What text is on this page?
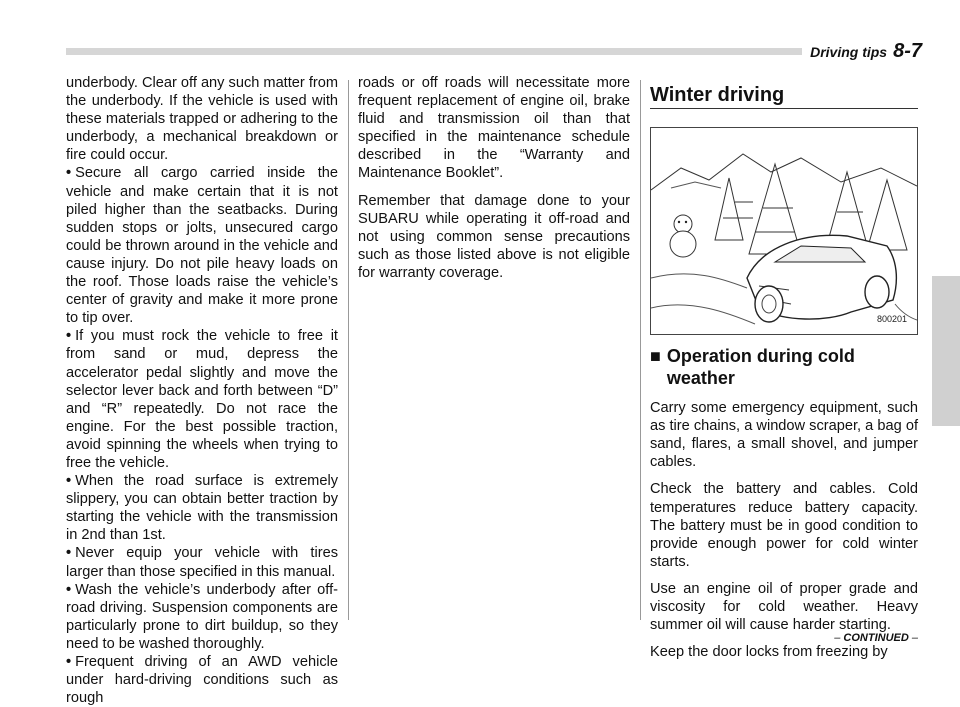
Driving tips 8-7

underbody. Clear off any such matter from the underbody. If the vehicle is used with these materials trapped or adhering to the underbody, a mechanical breakdown or fire could occur.

• Secure all cargo carried inside the vehicle and make certain that it is not piled higher than the seatbacks. During sudden stops or jolts, unsecured cargo could be thrown around in the vehicle and cause injury. Do not pile heavy loads on the roof. Those loads raise the vehicle’s center of gravity and make it more prone to tip over.

• If you must rock the vehicle to free it from sand or mud, depress the accelerator pedal slightly and move the selector lever back and forth between “D” and “R” repeatedly. Do not race the engine. For the best possible traction, avoid spinning the wheels when trying to free the vehicle.

• When the road surface is extremely slippery, you can obtain better traction by starting the vehicle with the transmission in 2nd than 1st.

• Never equip your vehicle with tires larger than those specified in this manual.

• Wash the vehicle’s underbody after off-road driving. Suspension components are particularly prone to dirt buildup, so they need to be washed thoroughly.

• Frequent driving of an AWD vehicle under hard-driving conditions such as rough

roads or off roads will necessitate more frequent replacement of engine oil, brake fluid and transmission oil than that specified in the maintenance schedule described in the “Warranty and Maintenance Booklet”.

Remember that damage done to your SUBARU while operating it off-road and not using common sense precautions such as those listed above is not eligible for warranty coverage.

Winter driving
800201
■ Operation during cold weather

Carry some emergency equipment, such as tire chains, a window scraper, a bag of sand, flares, a small shovel, and jumper cables.

Check the battery and cables. Cold temperatures reduce battery capacity. The battery must be in good condition to provide enough power for cold winter starts.

Use an engine oil of proper grade and viscosity for cold weather. Heavy summer oil will cause harder starting.

Keep the door locks from freezing by

– CONTINUED –
